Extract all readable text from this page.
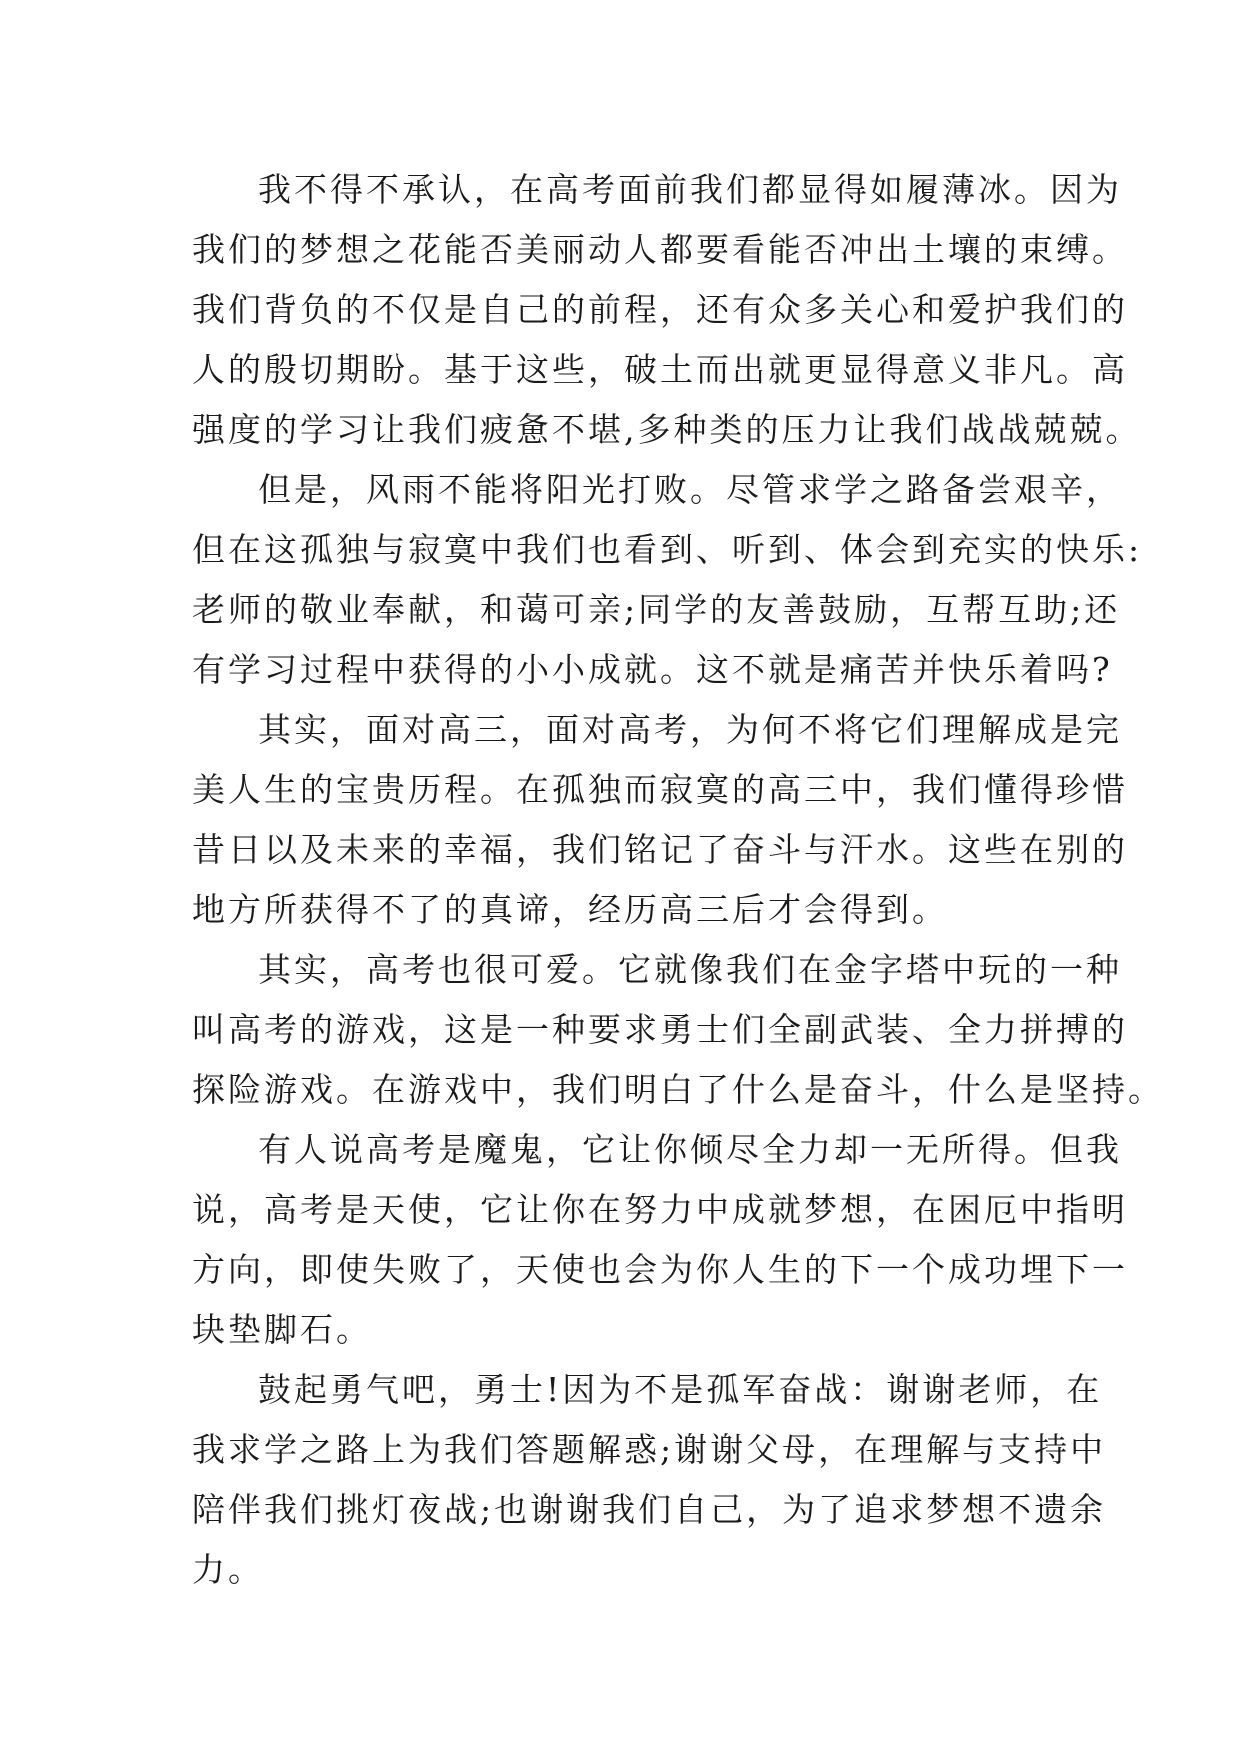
我不得不承认，在高考面前我们都显得如履薄冰。因为
我们的梦想之花能否美丽动人都要看能否冲出土壤的束缚。
我们背负的不仅是自己的前程，还有众多关心和爱护我们的
人的殷切期盼。基于这些，破土而出就更显得意义非凡。高
强度的学习让我们疲惫不堪,多种类的压力让我们战战兢兢。
但是，风雨不能将阳光打败。尽管求学之路备尝艰辛，
但在这孤独与寂寞中我们也看到、听到、体会到充实的快乐:
老师的敬业奉献，和蔼可亲;同学的友善鼓励，互帮互助;还
有学习过程中获得的小小成就。这不就是痛苦并快乐着吗?
其实，面对高三，面对高考，为何不将它们理解成是完
美人生的宝贵历程。在孤独而寂寞的高三中，我们懂得珍惜
昔日以及未来的幸福，我们铭记了奋斗与汗水。这些在别的
地方所获得不了的真谛，经历高三后才会得到。
其实，高考也很可爱。它就像我们在金字塔中玩的一种
叫高考的游戏，这是一种要求勇士们全副武装、全力拼搏的
探险游戏。在游戏中，我们明白了什么是奋斗，什么是坚持。
有人说高考是魔鬼，它让你倾尽全力却一无所得。但我
说，高考是天使，它让你在努力中成就梦想，在困厄中指明
方向，即使失败了，天使也会为你人生的下一个成功埋下一
块垫脚石。
鼓起勇气吧，勇士!因为不是孤军奋战：谢谢老师，在
我求学之路上为我们答题解惑;谢谢父母，在理解与支持中
陪伴我们挑灯夜战;也谢谢我们自己，为了追求梦想不遗余
力。
